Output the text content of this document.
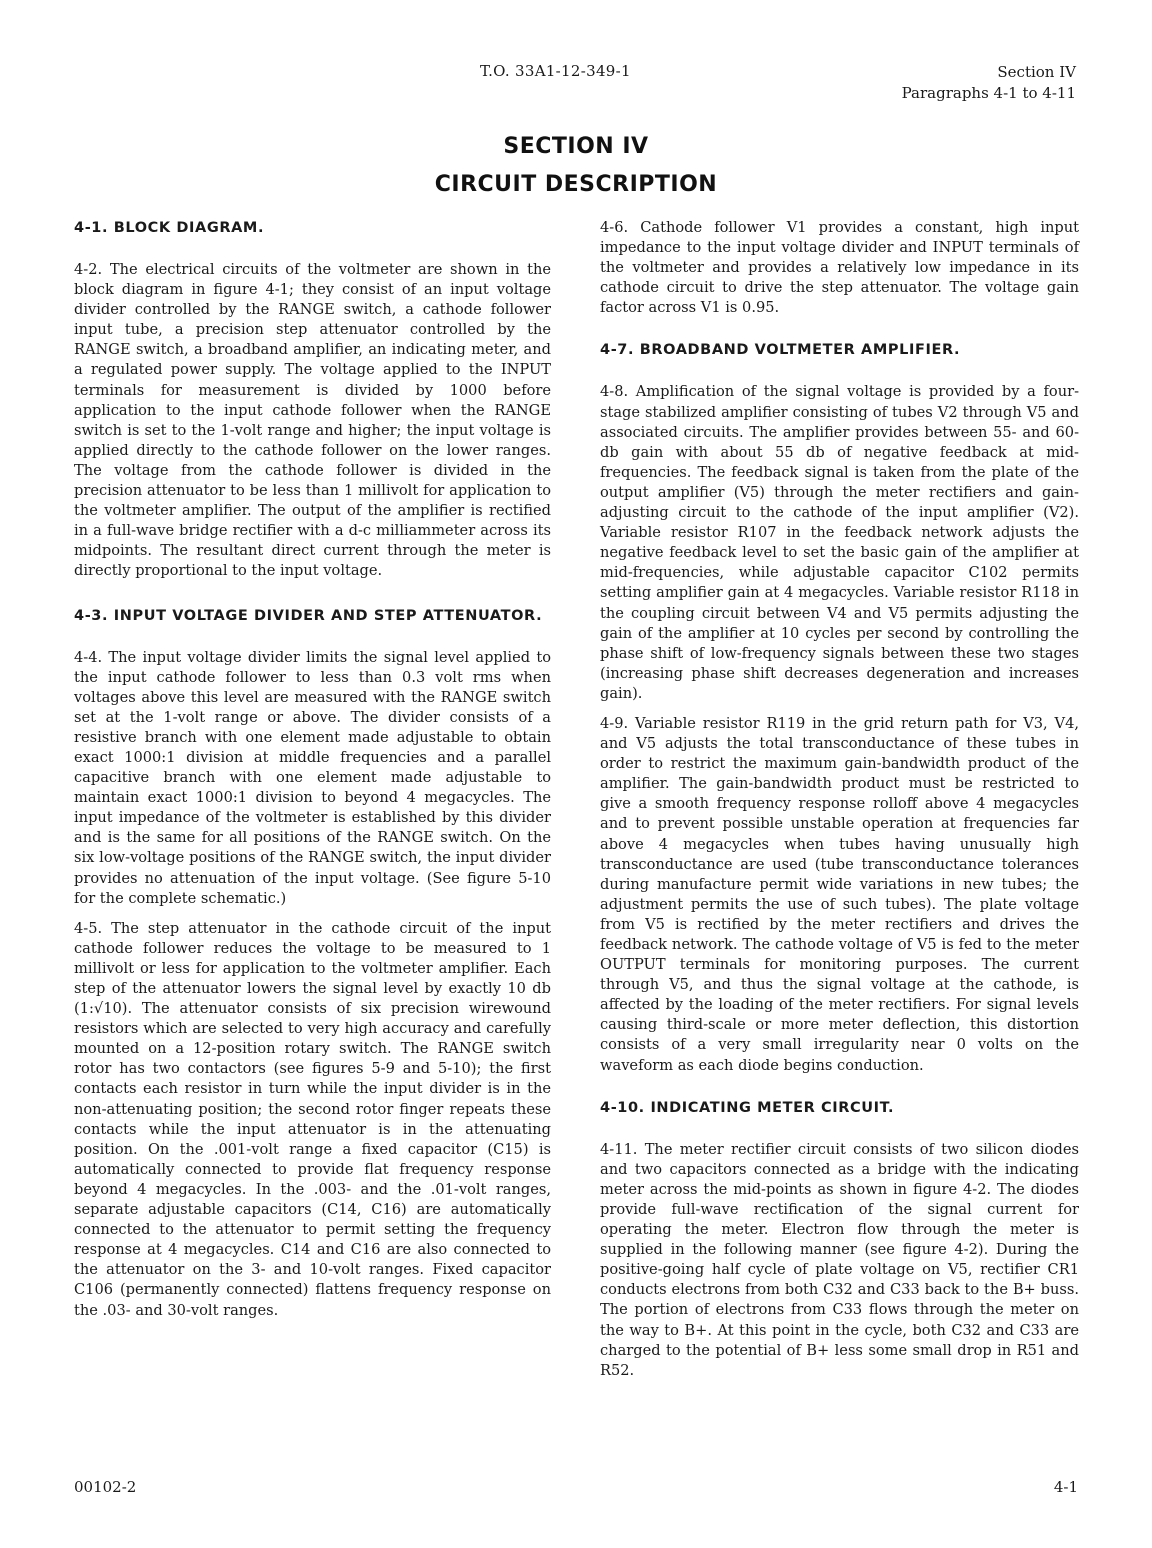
T.O. 33A1-12-349-1	Section IV
Paragraphs 4-1 to 4-11
SECTION IV
CIRCUIT DESCRIPTION
4-1. BLOCK DIAGRAM.

4-2. The electrical circuits of the voltmeter are shown in the block diagram in figure 4-1; they consist of an input voltage divider controlled by the RANGE switch, a cathode follower input tube, a precision step attenuator controlled by the RANGE switch, a broadband amplifier, an indicating meter, and a regulated power supply. The voltage applied to the INPUT terminals for measurement is divided by 1000 before application to the input cathode follower when the RANGE switch is set to the 1-volt range and higher; the input voltage is applied directly to the cathode follower on the lower ranges. The voltage from the cathode follower is divided in the precision attenuator to be less than 1 millivolt for application to the voltmeter amplifier. The output of the amplifier is rectified in a full-wave bridge rectifier with a d-c milliammeter across its midpoints. The resultant direct current through the meter is directly proportional to the input voltage.

4-3. INPUT VOLTAGE DIVIDER AND STEP ATTENUATOR.

4-4. The input voltage divider limits the signal level applied to the input cathode follower to less than 0.3 volt rms when voltages above this level are measured with the RANGE switch set at the 1-volt range or above. The divider consists of a resistive branch with one element made adjustable to obtain exact 1000:1 division at middle frequencies and a parallel capacitive branch with one element made adjustable to maintain exact 1000:1 division to beyond 4 megacycles. The input impedance of the voltmeter is established by this divider and is the same for all positions of the RANGE switch. On the six low-voltage positions of the RANGE switch, the input divider provides no attenuation of the input voltage. (See figure 5-10 for the complete schematic.)

4-5. The step attenuator in the cathode circuit of the input cathode follower reduces the voltage to be measured to 1 millivolt or less for application to the voltmeter amplifier. Each step of the attenuator lowers the signal level by exactly 10 db (1:√10). The attenuator consists of six precision wirewound resistors which are selected to very high accuracy and carefully mounted on a 12-position rotary switch. The RANGE switch rotor has two contactors (see figures 5-9 and 5-10); the first contacts each resistor in turn while the input divider is in the non-attenuating position; the second rotor finger repeats these contacts while the input attenuator is in the attenuating position. On the .001-volt range a fixed capacitor (C15) is automatically connected to provide flat frequency response beyond 4 megacycles. In the .003- and the .01-volt ranges, separate adjustable capacitors (C14, C16) are automatically connected to the attenuator to permit setting the frequency response at 4 megacycles. C14 and C16 are also connected to the attenuator on the 3- and 10-volt ranges. Fixed capacitor C106 (permanently connected) flattens frequency response on the .03- and 30-volt ranges.

4-6. Cathode follower V1 provides a constant, high input impedance to the input voltage divider and INPUT terminals of the voltmeter and provides a relatively low impedance in its cathode circuit to drive the step attenuator. The voltage gain factor across V1 is 0.95.

4-7. BROADBAND VOLTMETER AMPLIFIER.

4-8. Amplification of the signal voltage is provided by a four-stage stabilized amplifier consisting of tubes V2 through V5 and associated circuits. The amplifier provides between 55- and 60-db gain with about 55 db of negative feedback at mid-frequencies. The feedback signal is taken from the plate of the output amplifier (V5) through the meter rectifiers and gain-adjusting circuit to the cathode of the input amplifier (V2). Variable resistor R107 in the feedback network adjusts the negative feedback level to set the basic gain of the amplifier at mid-frequencies, while adjustable capacitor C102 permits setting amplifier gain at 4 megacycles. Variable resistor R118 in the coupling circuit between V4 and V5 permits adjusting the gain of the amplifier at 10 cycles per second by controlling the phase shift of low-frequency signals between these two stages (increasing phase shift decreases degeneration and increases gain).

4-9. Variable resistor R119 in the grid return path for V3, V4, and V5 adjusts the total transconductance of these tubes in order to restrict the maximum gain-bandwidth product of the amplifier. The gain-bandwidth product must be restricted to give a smooth frequency response rolloff above 4 megacycles and to prevent possible unstable operation at frequencies far above 4 megacycles when tubes having unusually high transconductance are used (tube transconductance tolerances during manufacture permit wide variations in new tubes; the adjustment permits the use of such tubes). The plate voltage from V5 is rectified by the meter rectifiers and drives the feedback network. The cathode voltage of V5 is fed to the meter OUTPUT terminals for monitoring purposes. The current through V5, and thus the signal voltage at the cathode, is affected by the loading of the meter rectifiers. For signal levels causing third-scale or more meter deflection, this distortion consists of a very small irregularity near 0 volts on the waveform as each diode begins conduction.

4-10. INDICATING METER CIRCUIT.

4-11. The meter rectifier circuit consists of two silicon diodes and two capacitors connected as a bridge with the indicating meter across the mid-points as shown in figure 4-2. The diodes provide full-wave rectification of the signal current for operating the meter. Electron flow through the meter is supplied in the following manner (see figure 4-2). During the positive-going half cycle of plate voltage on V5, rectifier CR1 conducts electrons from both C32 and C33 back to the B+ buss. The portion of electrons from C33 flows through the meter on the way to B+. At this point in the cycle, both C32 and C33 are charged to the potential of B+ less some small drop in R51 and R52.

00102-2	4-1
